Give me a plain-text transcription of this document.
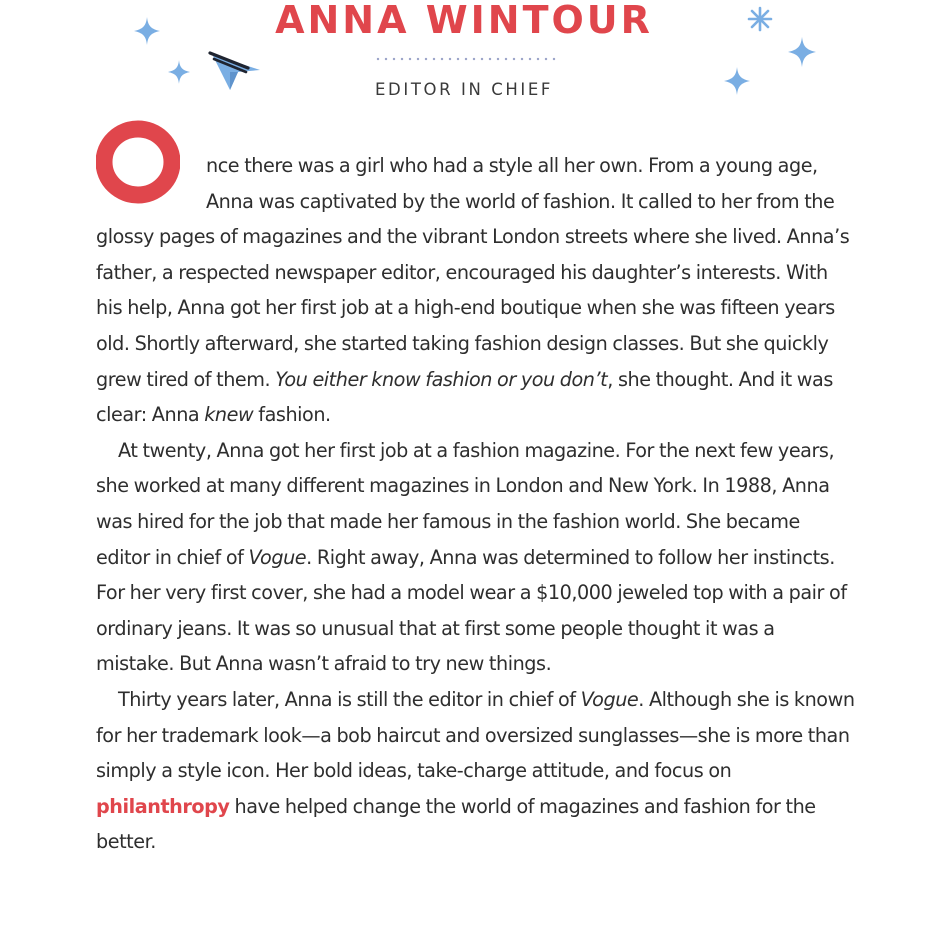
ANNA WINTOUR
EDITOR IN CHIEF

nce there was a girl who had a style all her own. From a young age, Anna was captivated by the world of fashion. It called to her from the glossy pages of magazines and the vibrant London streets where she lived. Anna’s father, a respected newspaper editor, encouraged his daughter’s interests. With his help, Anna got her first job at a high-end boutique when she was fifteen years old. Shortly afterward, she started taking fashion design classes. But she quickly grew tired of them. You either know fashion or you don’t, she thought. And it was clear: Anna knew fashion.

At twenty, Anna got her first job at a fashion magazine. For the next few years, she worked at many different magazines in London and New York. In 1988, Anna was hired for the job that made her famous in the fashion world. She became editor in chief of Vogue. Right away, Anna was determined to follow her instincts. For her very first cover, she had a model wear a $10,000 jeweled top with a pair of ordinary jeans. It was so unusual that at first some people thought it was a mistake. But Anna wasn’t afraid to try new things.

Thirty years later, Anna is still the editor in chief of Vogue. Although she is known for her trademark look—a bob haircut and oversized sunglasses—she is more than simply a style icon. Her bold ideas, take-charge attitude, and focus on philanthropy have helped change the world of magazines and fashion for the better.
